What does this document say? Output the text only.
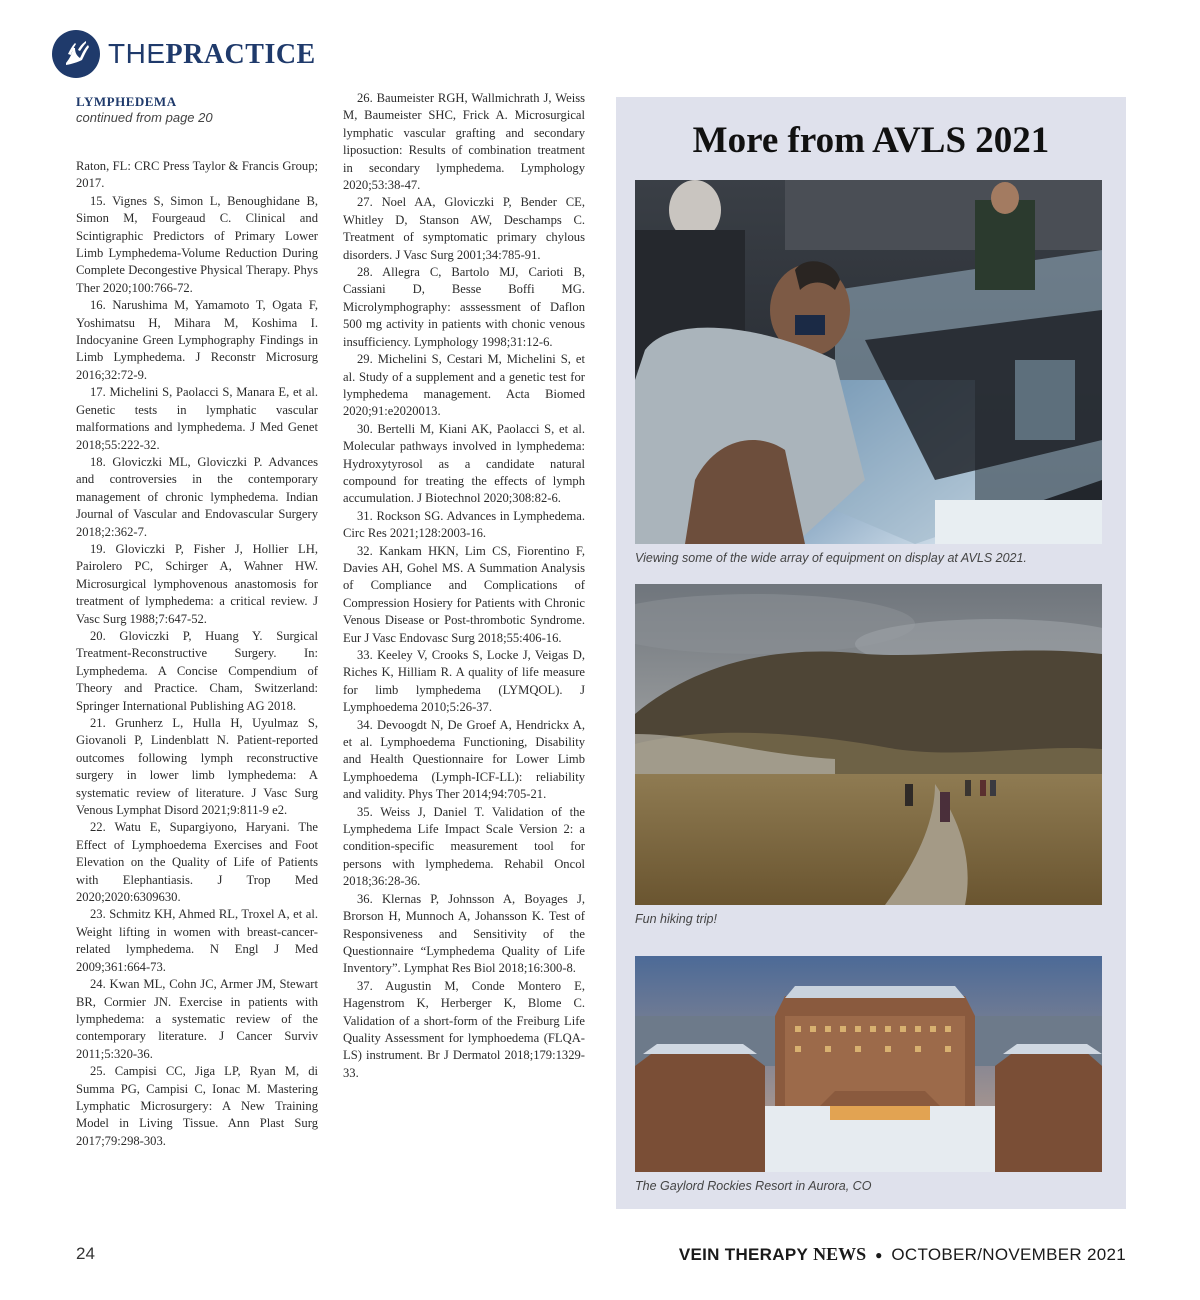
THEPRACTICE
LYMPHEDEMA
continued from page 20

Raton, FL: CRC Press Taylor & Francis Group; 2017.

15. Vignes S, Simon L, Benoughidane B, Simon M, Fourgeaud C. Clinical and Scintigraphic Predictors of Primary Lower Limb Lymphedema-Volume Reduction During Complete Decongestive Physical Therapy. Phys Ther 2020;100:766-72.

16. Narushima M, Yamamoto T, Ogata F, Yoshimatsu H, Mihara M, Koshima I. Indocyanine Green Lymphography Findings in Limb Lymphedema. J Reconstr Microsurg 2016;32:72-9.

17. Michelini S, Paolacci S, Manara E, et al. Genetic tests in lymphatic vascular malformations and lymphedema. J Med Genet 2018;55:222-32.

18. Gloviczki ML, Gloviczki P. Advances and controversies in the contemporary management of chronic lymphedema. Indian Journal of Vascular and Endovascular Surgery 2018;2:362-7.

19. Gloviczki P, Fisher J, Hollier LH, Pairolero PC, Schirger A, Wahner HW. Microsurgical lymphovenous anastomosis for treatment of lymphedema: a critical review. J Vasc Surg 1988;7:647-52.

20. Gloviczki P, Huang Y. Surgical Treatment-Reconstructive Surgery. In: Lymphedema. A Concise Compendium of Theory and Practice. Cham, Switzerland: Springer International Publishing AG 2018.

21. Grunherz L, Hulla H, Uyulmaz S, Giovanoli P, Lindenblatt N. Patient-reported outcomes following lymph reconstructive surgery in lower limb lymphedema: A systematic review of literature. J Vasc Surg Venous Lymphat Disord 2021;9:811-9 e2.

22. Watu E, Supargiyono, Haryani. The Effect of Lymphoedema Exercises and Foot Elevation on the Quality of Life of Patients with Elephantiasis. J Trop Med 2020;2020:6309630.

23. Schmitz KH, Ahmed RL, Troxel A, et al. Weight lifting in women with breast-cancer-related lymphedema. N Engl J Med 2009;361:664-73.

24. Kwan ML, Cohn JC, Armer JM, Stewart BR, Cormier JN. Exercise in patients with lymphedema: a systematic review of the contemporary literature. J Cancer Surviv 2011;5:320-36.

25. Campisi CC, Jiga LP, Ryan M, di Summa PG, Campisi C, Ionac M. Mastering Lymphatic Microsurgery: A New Training Model in Living Tissue. Ann Plast Surg 2017;79:298-303.

26. Baumeister RGH, Wallmichrath J, Weiss M, Baumeister SHC, Frick A. Microsurgical lymphatic vascular grafting and secondary liposuction: Results of combination treatment in secondary lymphedema. Lymphology 2020;53:38-47.

27. Noel AA, Gloviczki P, Bender CE, Whitley D, Stanson AW, Deschamps C. Treatment of symptomatic primary chylous disorders. J Vasc Surg 2001;34:785-91.

28. Allegra C, Bartolo MJ, Carioti B, Cassiani D, Besse Boffi MG. Microlymphography: asssessment of Daflon 500 mg activity in patients with chonic venous insufficiency. Lymphology 1998;31:12-6.

29. Michelini S, Cestari M, Michelini S, et al. Study of a supplement and a genetic test for lymphedema management. Acta Biomed 2020;91:e2020013.

30. Bertelli M, Kiani AK, Paolacci S, et al. Molecular pathways involved in lymphedema: Hydroxytyrosol as a candidate natural compound for treating the effects of lymph accumulation. J Biotechnol 2020;308:82-6.

31. Rockson SG. Advances in Lymphedema. Circ Res 2021;128:2003-16.

32. Kankam HKN, Lim CS, Fiorentino F, Davies AH, Gohel MS. A Summation Analysis of Compliance and Complications of Compression Hosiery for Patients with Chronic Venous Disease or Post-thrombotic Syndrome. Eur J Vasc Endovasc Surg 2018;55:406-16.

33. Keeley V, Crooks S, Locke J, Veigas D, Riches K, Hilliam R. A quality of life measure for limb lymphedema (LYMQOL). J Lymphoedema 2010;5:26-37.

34. Devoogdt N, De Groef A, Hendrickx A, et al. Lymphoedema Functioning, Disability and Health Questionnaire for Lower Limb Lymphoedema (Lymph-ICF-LL): reliability and validity. Phys Ther 2014;94:705-21.

35. Weiss J, Daniel T. Validation of the Lymphedema Life Impact Scale Version 2: a condition-specific measurement tool for persons with lymphedema. Rehabil Oncol 2018;36:28-36.

36. Klernas P, Johnsson A, Boyages J, Brorson H, Munnoch A, Johansson K. Test of Responsiveness and Sensitivity of the Questionnaire “Lymphedema Quality of Life Inventory”. Lymphat Res Biol 2018;16:300-8.

37. Augustin M, Conde Montero E, Hagenstrom K, Herberger K, Blome C. Validation of a short-form of the Freiburg Life Quality Assessment for lymphoedema (FLQA-LS) instrument. Br J Dermatol 2018;179:1329-33.

More from AVLS 2021
Viewing some of the wide array of equipment on display at AVLS 2021.
Fun hiking trip!
The Gaylord Rockies Resort in Aurora, CO
24	VEIN THERAPY NEWS ● OCTOBER/NOVEMBER 2021
